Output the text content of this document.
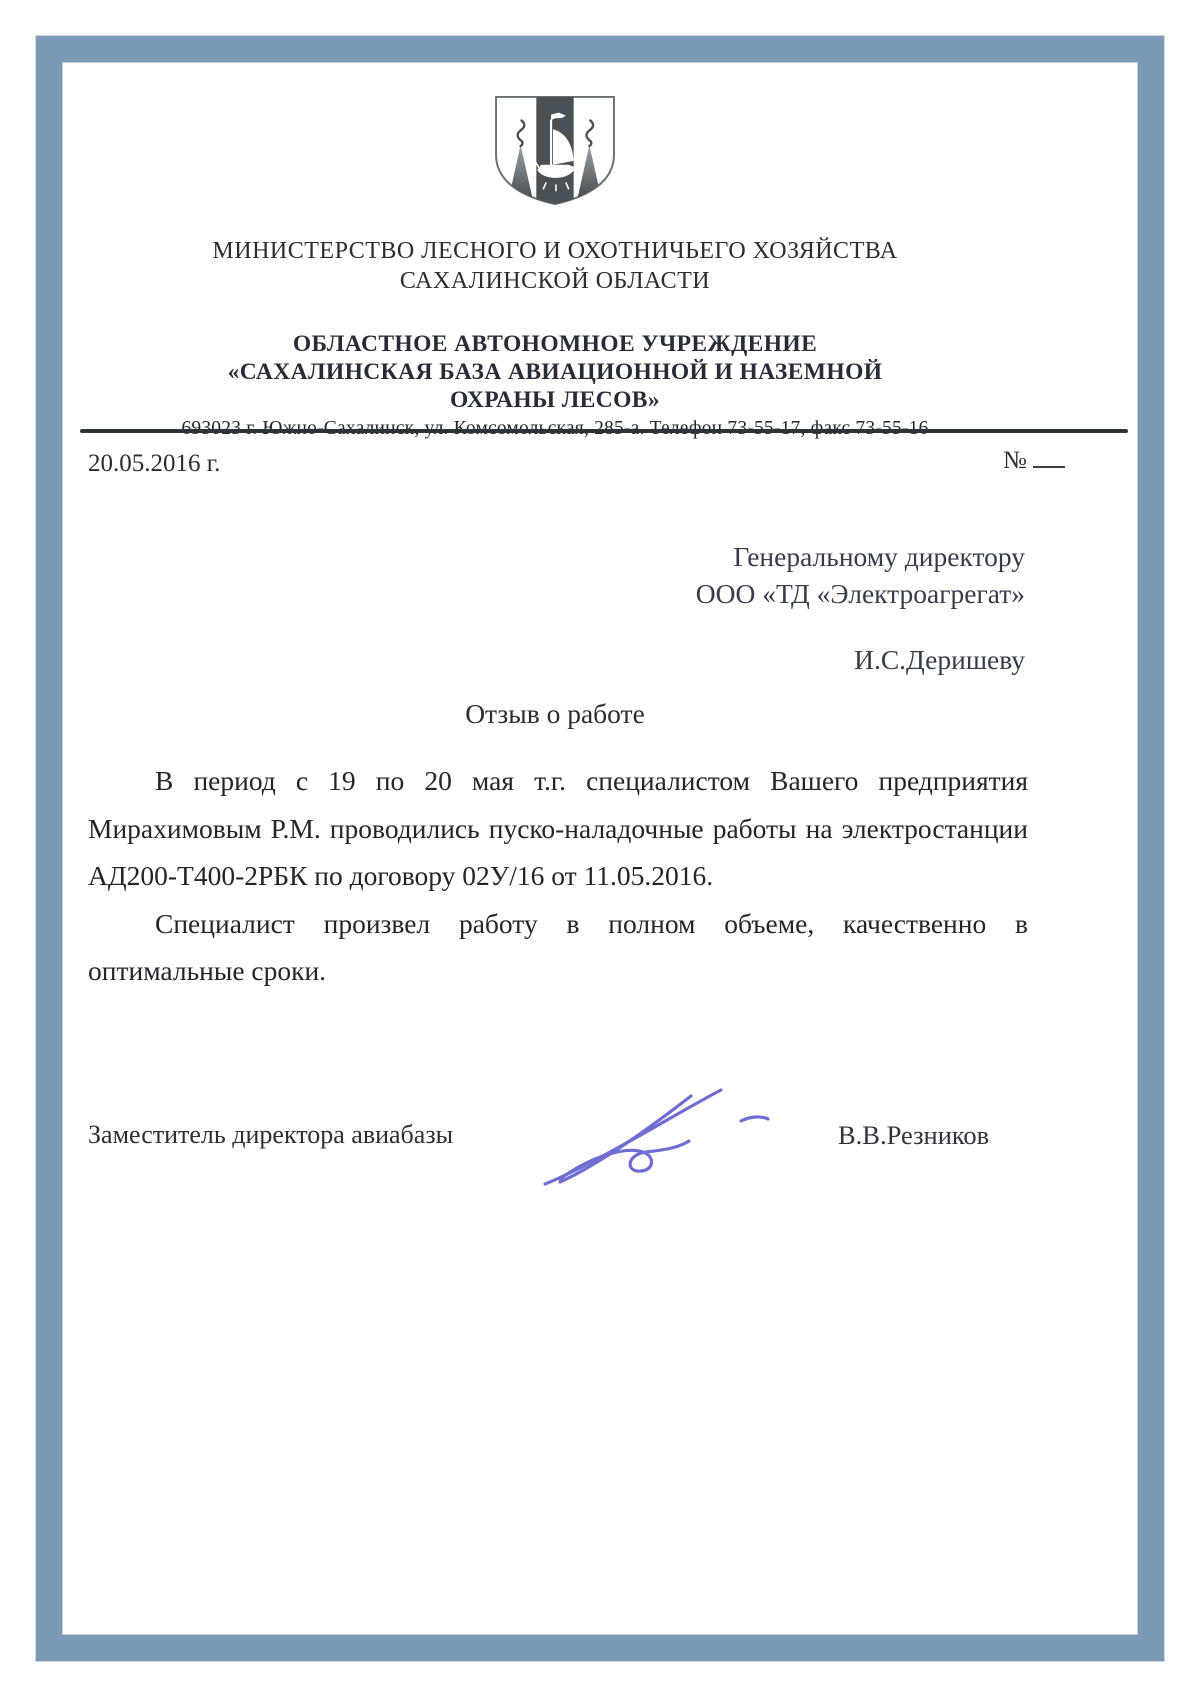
МИНИСТЕРСТВО ЛЕСНОГО И ОХОТНИЧЬЕГО ХОЗЯЙСТВА
САХАЛИНСКОЙ ОБЛАСТИ
ОБЛАСТНОЕ АВТОНОМНОЕ УЧРЕЖДЕНИЕ
«САХАЛИНСКАЯ БАЗА АВИАЦИОННОЙ И НАЗЕМНОЙ
ОХРАНЫ ЛЕСОВ»
20.05.2016 г.	№
Генеральному директору
ООО «ТД «Электроагрегат»
И.С.Деришеву
Отзыв о работе

В период с 19 по 20 мая т.г. специалистом Вашего предприятия Мирахимовым Р.М. проводились пуско-наладочные работы на электростанции АД200-Т400-2РБК по договору 02У/16 от 11.05.2016.

Специалист произвел работу в полном объеме, качественно в оптимальные сроки.

Заместитель директора авиабазы	В.В.Резников
